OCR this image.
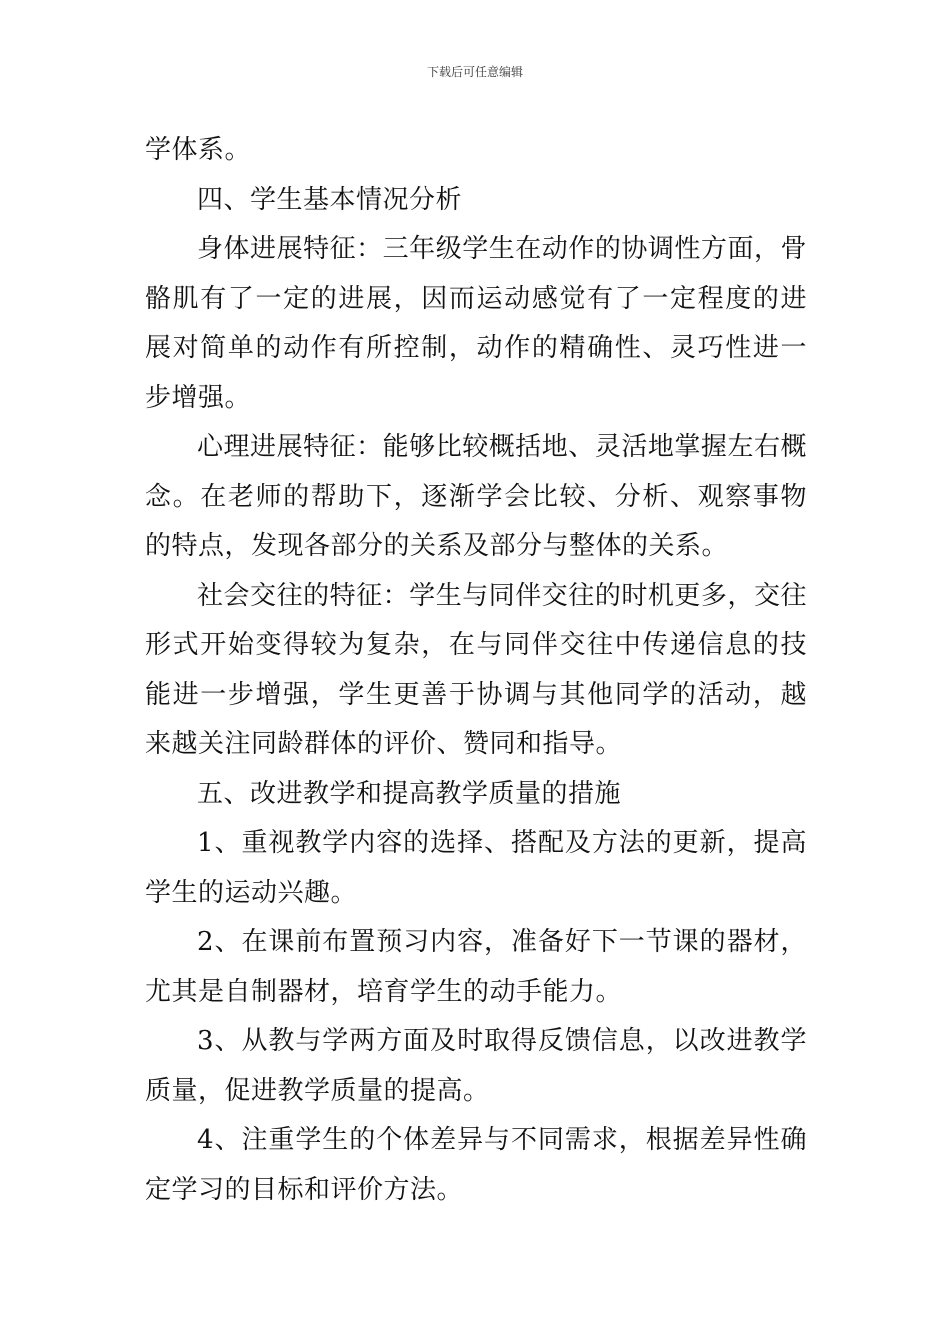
下载后可任意编辑

学体系。

四、学生基本情况分析

身体进展特征：三年级学生在动作的协调性方面，骨骼肌有了一定的进展，因而运动感觉有了一定程度的进展对简单的动作有所控制，动作的精确性、灵巧性进一步增强。

心理进展特征：能够比较概括地、灵活地掌握左右概念。在老师的帮助下，逐渐学会比较、分析、观察事物的特点，发现各部分的关系及部分与整体的关系。

社会交往的特征：学生与同伴交往的时机更多，交往形式开始变得较为复杂，在与同伴交往中传递信息的技能进一步增强，学生更善于协调与其他同学的活动，越来越关注同龄群体的评价、赞同和指导。

五、改进教学和提高教学质量的措施

1、重视教学内容的选择、搭配及方法的更新，提高学生的运动兴趣。

2、在课前布置预习内容，准备好下一节课的器材，尤其是自制器材，培育学生的动手能力。

3、从教与学两方面及时取得反馈信息，以改进教学质量，促进教学质量的提高。

4、注重学生的个体差异与不同需求，根据差异性确定学习的目标和评价方法。
